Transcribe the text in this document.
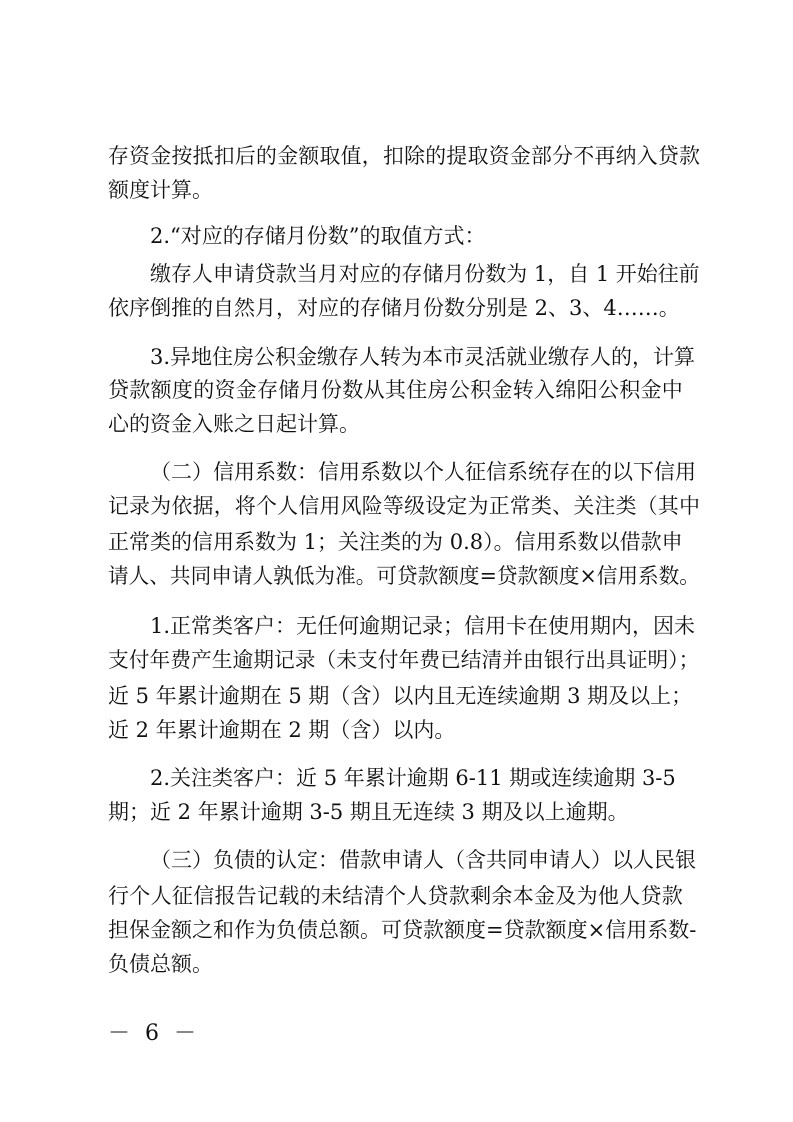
存资金按抵扣后的金额取值，扣除的提取资金部分不再纳入贷款

额度计算。

2.“对应的存储月份数”的取值方式：

缴存人申请贷款当月对应的存储月份数为 1，自 1 开始往前

依序倒推的自然月，对应的存储月份数分别是 2、3、4……。

3.异地住房公积金缴存人转为本市灵活就业缴存人的，计算

贷款额度的资金存储月份数从其住房公积金转入绵阳公积金中

心的资金入账之日起计算。

（二）信用系数：信用系数以个人征信系统存在的以下信用

记录为依据，将个人信用风险等级设定为正常类、关注类（其中

正常类的信用系数为 1；关注类的为 0.8）。信用系数以借款申

请人、共同申请人孰低为准。可贷款额度=贷款额度×信用系数。

1.正常类客户：无任何逾期记录；信用卡在使用期内，因未

支付年费产生逾期记录（未支付年费已结清并由银行出具证明）；

近 5 年累计逾期在 5 期（含）以内且无连续逾期 3 期及以上；

近 2 年累计逾期在 2 期（含）以内。

2.关注类客户：近 5 年累计逾期 6-11 期或连续逾期 3-5

期；近 2 年累计逾期 3-5 期且无连续 3 期及以上逾期。

（三）负债的认定：借款申请人（含共同申请人）以人民银

行个人征信报告记载的未结清个人贷款剩余本金及为他人贷款

担保金额之和作为负债总额。可贷款额度=贷款额度×信用系数-

负债总额。

－ 6 －
